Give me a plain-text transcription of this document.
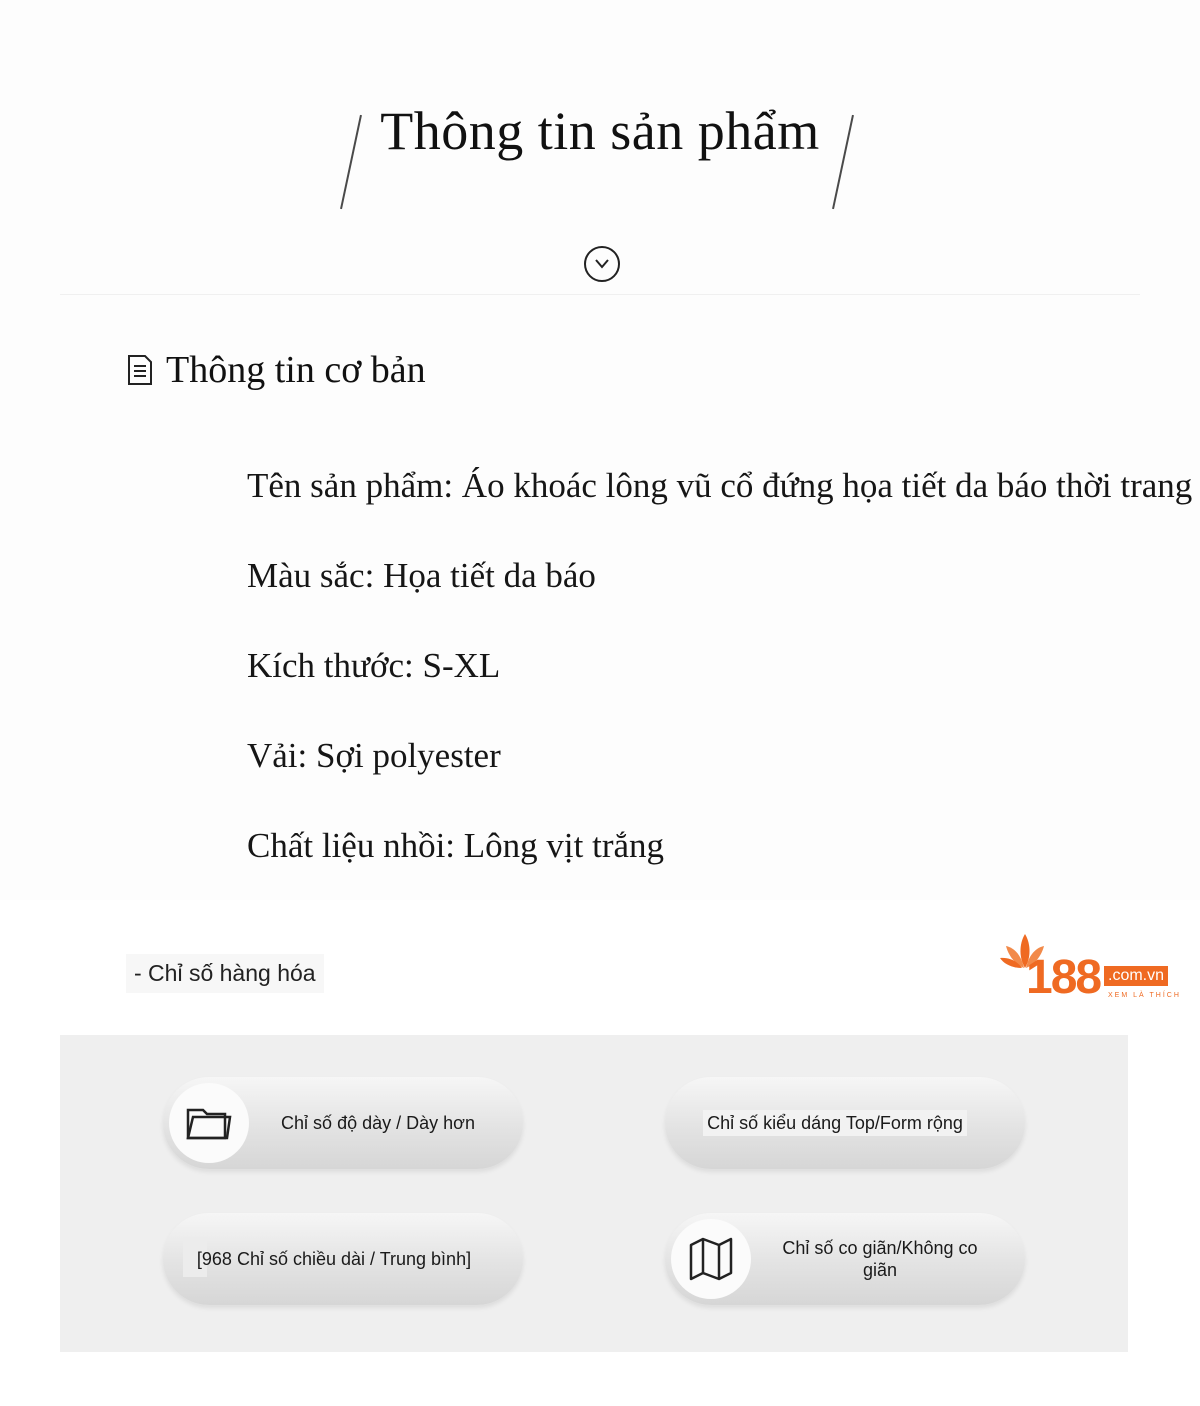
Thông tin sản phẩm
Thông tin cơ bản
Tên sản phẩm: Áo khoác lông vũ cổ đứng họa tiết da báo thời trang
Màu sắc: Họa tiết da báo
Kích thước: S-XL
Vải: Sợi polyester
Chất liệu nhồi: Lông vịt trắng
- Chỉ số hàng hóa	188 .com.vn
XEM LÀ THÍCH
Chỉ số độ dày / Dày hơn	Chỉ số kiểu dáng Top/Form rộng
[968 Chỉ số chiều dài / Trung bình]
Chỉ số co giãn/Không co giãn
